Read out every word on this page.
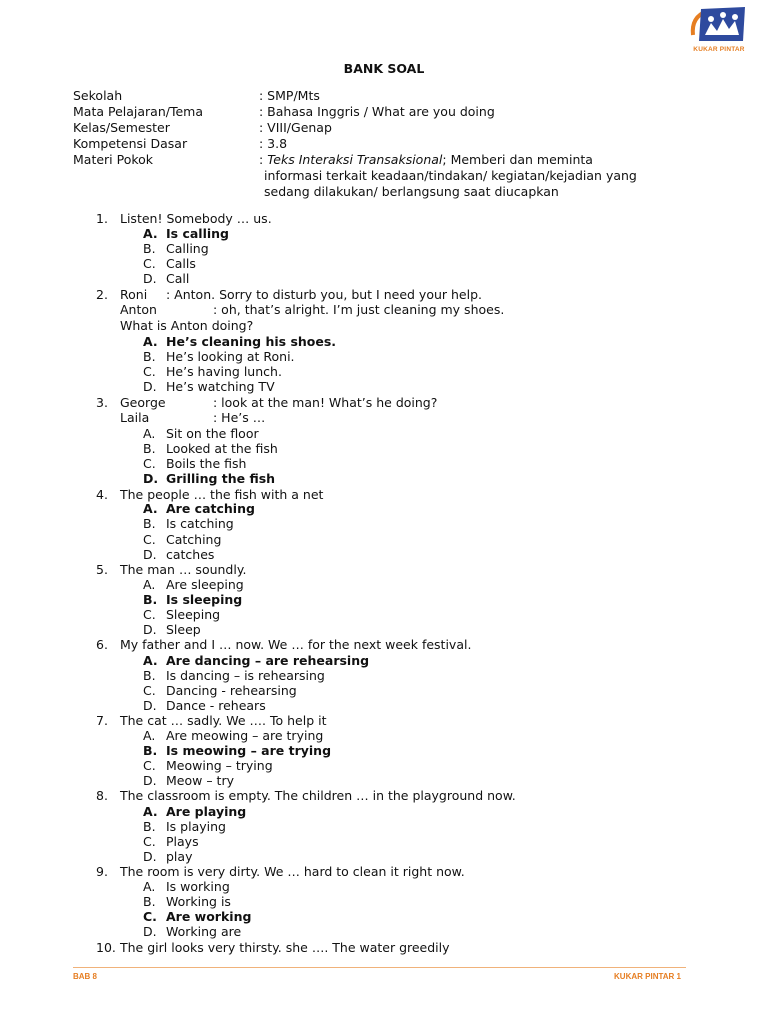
KUKAR PINTAR
BANK SOAL
Sekolah	: SMP/Mts
Mata Pelajaran/Tema	: Bahasa Inggris / What are you doing
Kelas/Semester	: VIII/Genap
Kompetensi Dasar	: 3.8
Materi Pokok	: Teks Interaksi Transaksional; Memberi dan meminta
informasi terkait keadaan/tindakan/ kegiatan/kejadian yang
sedang dilakukan/ berlangsung saat diucapkan
1. Listen! Somebody … us.
A. Is calling
B. Calling
C. Calls
D. Call
2. Roni : Anton. Sorry to disturb you, but I need your help.
Anton	: oh, that’s alright. I’m just cleaning my shoes.
What is Anton doing?
A. He’s cleaning his shoes.
B. He’s looking at Roni.
C. He’s having lunch.
D. He’s watching TV
3. George	: look at the man! What’s he doing?
Laila	: He’s …
A. Sit on the floor
B. Looked at the fish
C. Boils the fish
D. Grilling the fish
4. The people … the fish with a net
A. Are catching
B. Is catching
C. Catching
D. catches
5. The man … soundly.
A. Are sleeping
B. Is sleeping
C. Sleeping
D. Sleep
6. My father and I … now. We … for the next week festival.
A. Are dancing – are rehearsing
B. Is dancing – is rehearsing
C. Dancing - rehearsing
D. Dance - rehears
7. The cat … sadly. We …. To help it
A. Are meowing – are trying
B. Is meowing – are trying
C. Meowing – trying
D. Meow – try
8. The classroom is empty. The children … in the playground now.
A. Are playing
B. Is playing
C. Plays
D. play
9. The room is very dirty. We … hard to clean it right now.
A. Is working
B. Working is
C. Are working
D. Working are
10. The girl looks very thirsty. she …. The water greedily
BAB 8	KUKAR PINTAR 1
